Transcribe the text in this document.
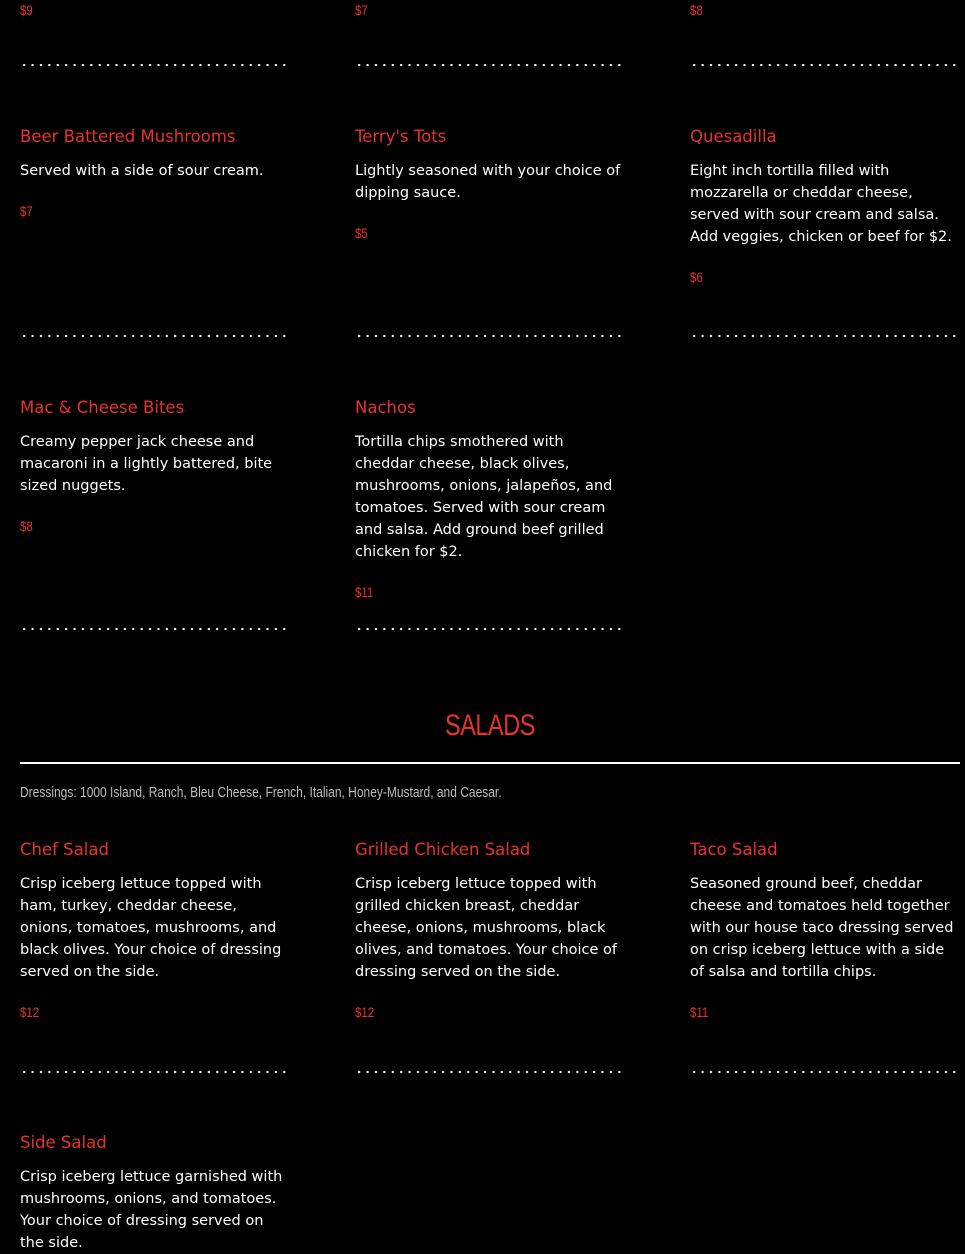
$9	$7	$8
Beer Battered Mushrooms
Served with a side of sour cream.
$7
Terry's Tots
Lightly seasoned with your choice of dipping sauce.
$5
Quesadilla
Eight inch tortilla filled with mozzarella or cheddar cheese, served with sour cream and salsa. Add veggies, chicken or beef for $2.
$6
Mac & Cheese Bites
Creamy pepper jack cheese and macaroni in a lightly battered, bite sized nuggets.
$8
Nachos
Tortilla chips smothered with cheddar cheese, black olives, mushrooms, onions, jalapeños, and tomatoes. Served with sour cream and salsa. Add ground beef grilled chicken for $2.
$11
SALADS
Dressings: 1000 Island, Ranch, Bleu Cheese, French, Italian, Honey-Mustard, and Caesar.
Chef Salad
Crisp iceberg lettuce topped with ham, turkey, cheddar cheese, onions, tomatoes, mushrooms, and black olives. Your choice of dressing served on the side.
$12
Grilled Chicken Salad
Crisp iceberg lettuce topped with grilled chicken breast, cheddar cheese, onions, mushrooms, black olives, and tomatoes. Your choice of dressing served on the side.
$12
Taco Salad
Seasoned ground beef, cheddar cheese and tomatoes held together with our house taco dressing served on crisp iceberg lettuce with a side of salsa and tortilla chips.
$11
Side Salad
Crisp iceberg lettuce garnished with mushrooms, onions, and tomatoes. Your choice of dressing served on the side.
